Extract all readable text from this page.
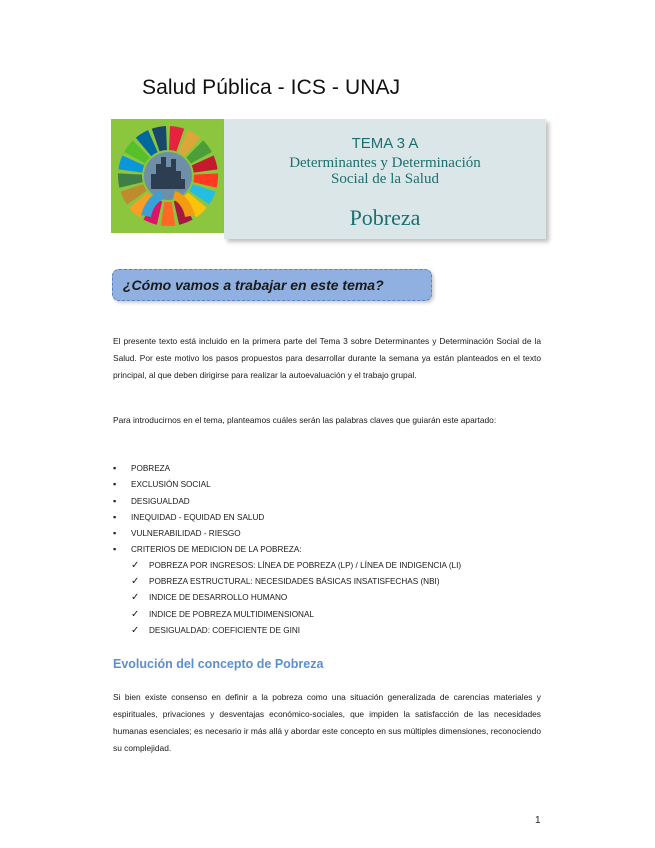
Salud Pública - ICS - UNAJ
TEMA 3 A
Determinantes y Determinación
Social de la Salud
Pobreza
¿Cómo vamos a trabajar en este tema?
El presente texto está incluido en la primera parte del Tema 3 sobre Determinantes y Determinación Social de la Salud. Por este motivo los pasos propuestos para desarrollar durante la semana ya están planteados en el texto principal, al que deben dirigirse para realizar la autoevaluación y el trabajo grupal.
Para introducirnos en el tema, planteamos cuáles serán las palabras claves que guiarán este apartado:
▪ POBREZA
▪ EXCLUSIÓN SOCIAL
▪ DESIGUALDAD
▪ INEQUIDAD - EQUIDAD EN SALUD
▪ VULNERABILIDAD - RIESGO
▪ CRITERIOS DE MEDICION DE LA POBREZA:
✓ POBREZA POR INGRESOS: LÍNEA DE POBREZA (LP) / LÍNEA DE INDIGENCIA (LI)
✓ POBREZA ESTRUCTURAL: NECESIDADES BÁSICAS INSATISFECHAS (NBI)
✓ INDICE DE DESARROLLO HUMANO
✓ INDICE DE POBREZA MULTIDIMENSIONAL
✓ DESIGUALDAD: COEFICIENTE DE GINI
Evolución del concepto de Pobreza
Si bien existe consenso en definir a la pobreza como una situación generalizada de carencias materiales y espirituales, privaciones y desventajas económico-sociales, que impiden la satisfacción de las necesidades humanas esenciales; es necesario ir más allá y abordar este concepto en sus múltiples dimensiones, reconociendo su complejidad.
1
